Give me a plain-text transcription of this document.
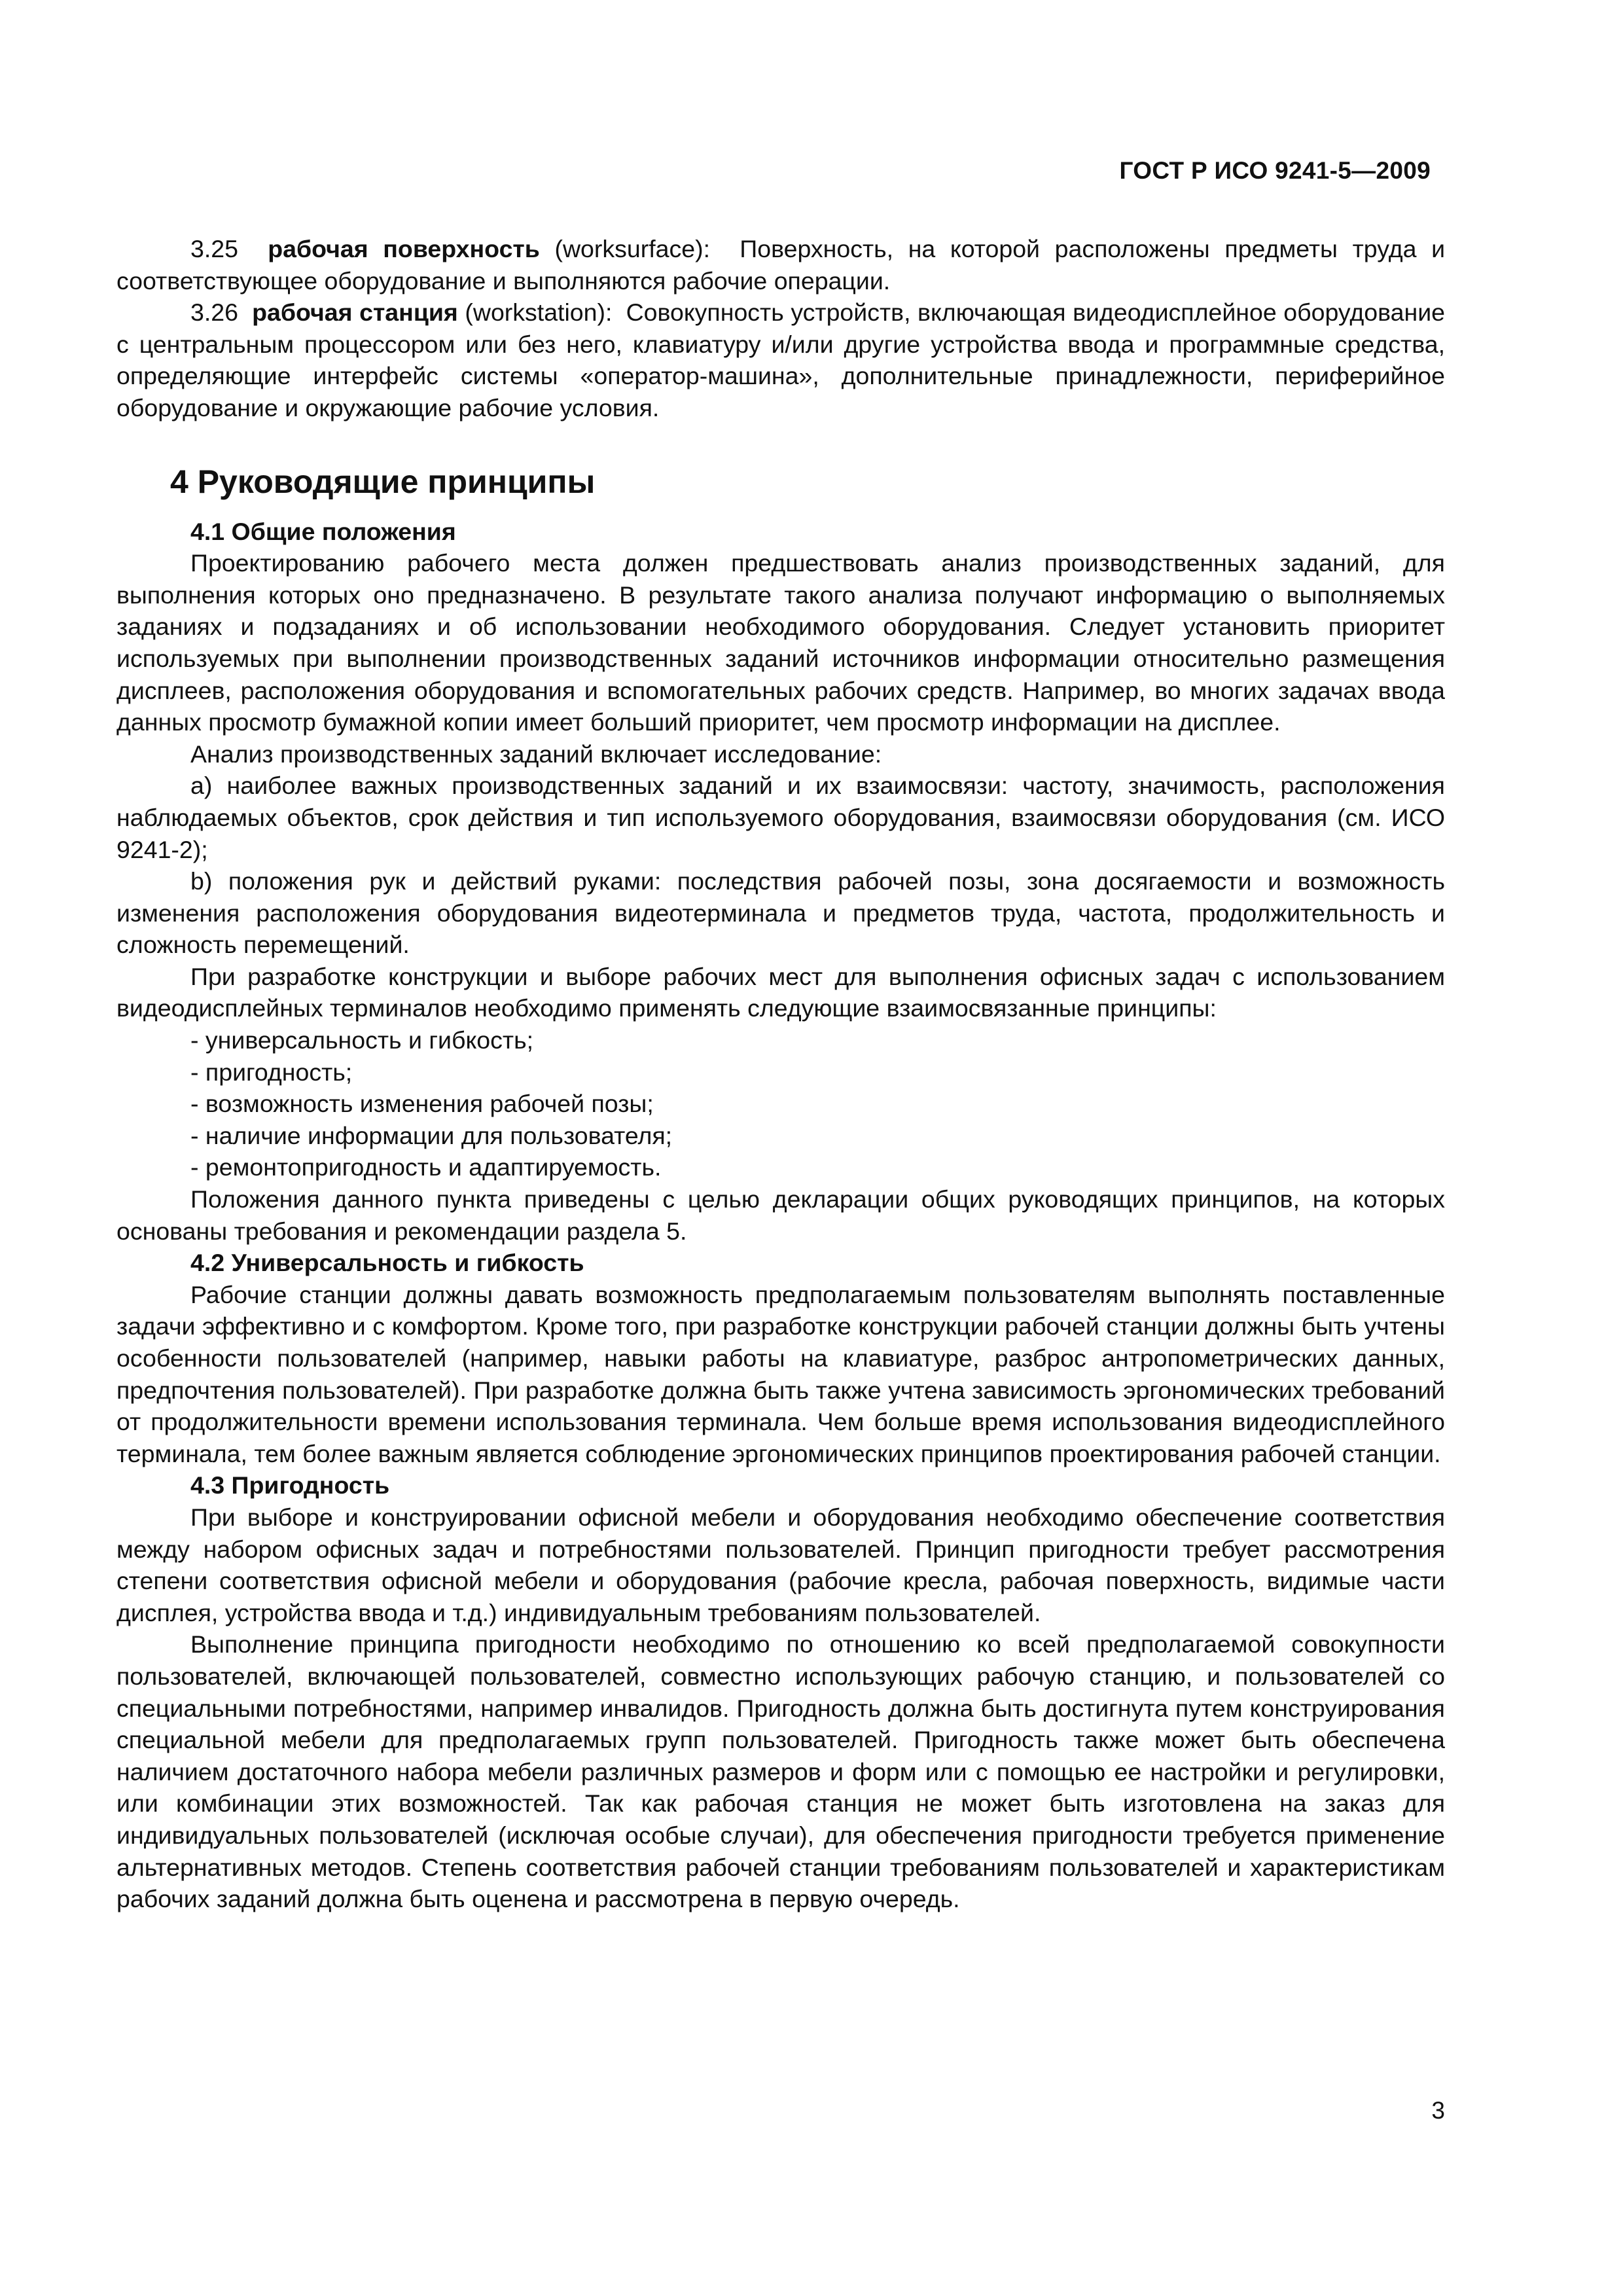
ГОСТ Р ИСО 9241-5—2009

3.25 рабочая поверхность (worksurface): Поверхность, на которой расположены предметы труда и соответствующее оборудование и выполняются рабочие операции.

3.26 рабочая станция (workstation): Совокупность устройств, включающая видеодисплейное оборудование с центральным процессором или без него, клавиатуру и/или другие устройства ввода и программные средства, определяющие интерфейс системы «оператор-машина», дополнительные принадлежности, периферийное оборудование и окружающие рабочие условия.

4 Руководящие принципы
4.1 Общие положения

Проектированию рабочего места должен предшествовать анализ производственных заданий, для выполнения которых оно предназначено. В результате такого анализа получают информацию о выполняемых заданиях и подзаданиях и об использовании необходимого оборудования. Следует установить приоритет используемых при выполнении производственных заданий источников информации относительно размещения дисплеев, расположения оборудования и вспомогательных рабочих средств. Например, во многих задачах ввода данных просмотр бумажной копии имеет больший приоритет, чем просмотр информации на дисплее.

Анализ производственных заданий включает исследование:

a) наиболее важных производственных заданий и их взаимосвязи: частоту, значимость, расположения наблюдаемых объектов, срок действия и тип используемого оборудования, взаимосвязи оборудования (см. ИСО 9241-2);
b) положения рук и действий руками: последствия рабочей позы, зона досягаемости и возможность изменения расположения оборудования видеотерминала и предметов труда, частота, продолжительность и сложность перемещений.

При разработке конструкции и выборе рабочих мест для выполнения офисных задач с использованием видеодисплейных терминалов необходимо применять следующие взаимосвязанные принципы:

- универсальность и гибкость;
- пригодность;
- возможность изменения рабочей позы;
- наличие информации для пользователя;
- ремонтопригодность и адаптируемость.

Положения данного пункта приведены с целью декларации общих руководящих принципов, на которых основаны требования и рекомендации раздела 5.

4.2 Универсальность и гибкость

Рабочие станции должны давать возможность предполагаемым пользователям выполнять поставленные задачи эффективно и с комфортом. Кроме того, при разработке конструкции рабочей станции должны быть учтены особенности пользователей (например, навыки работы на клавиатуре, разброс антропометрических данных, предпочтения пользователей). При разработке должна быть также учтена зависимость эргономических требований от продолжительности времени использования терминала. Чем больше время использования видеодисплейного терминала, тем более важным является соблюдение эргономических принципов проектирования рабочей станции.

4.3 Пригодность

При выборе и конструировании офисной мебели и оборудования необходимо обеспечение соответствия между набором офисных задач и потребностями пользователей. Принцип пригодности требует рассмотрения степени соответствия офисной мебели и оборудования (рабочие кресла, рабочая поверхность, видимые части дисплея, устройства ввода и т.д.) индивидуальным требованиям пользователей.

Выполнение принципа пригодности необходимо по отношению ко всей предполагаемой совокупности пользователей, включающей пользователей, совместно использующих рабочую станцию, и пользователей со специальными потребностями, например инвалидов. Пригодность должна быть достигнута путем конструирования специальной мебели для предполагаемых групп пользователей. Пригодность также может быть обеспечена наличием достаточного набора мебели различных размеров и форм или с помощью ее настройки и регулировки, или комбинации этих возможностей. Так как рабочая станция не может быть изготовлена на заказ для индивидуальных пользователей (исключая особые случаи), для обеспечения пригодности требуется применение альтернативных методов. Степень соответствия рабочей станции требованиям пользователей и характеристикам рабочих заданий должна быть оценена и рассмотрена в первую очередь.

3
